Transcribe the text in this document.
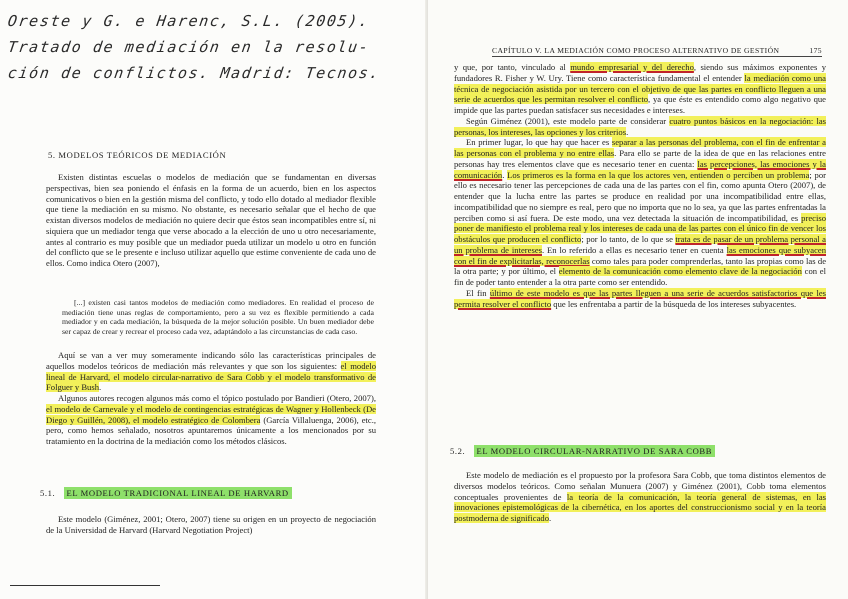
Oreste y G. e Harenc, S.L. (2005).
Tratado de mediación en la resolu-
ción de conflictos. Madrid: Tecnos.
5. MODELOS TEÓRICOS DE MEDIACIÓN

Existen distintas escuelas o modelos de mediación que se fundamentan en diversas perspectivas, bien sea poniendo el énfasis en la forma de un acuerdo, bien en los aspectos comunicativos o bien en la gestión misma del conflicto, y todo ello dotado al mediador flexible que tiene la mediación en su mismo. No obstante, es necesario señalar que el hecho de que existan diversos modelos de mediación no quiere decir que éstos sean incompatibles entre sí, ni siquiera que un mediador tenga que verse abocado a la elección de uno u otro necesariamente, antes al contrario es muy posible que un mediador pueda utilizar un modelo u otro en función del conflicto que se le presente e incluso utilizar aquello que estime conveniente de cada uno de ellos. Como indica Otero (2007),

[...] existen casi tantos modelos de mediación como mediadores. En realidad el proceso de mediación tiene unas reglas de comportamiento, pero a su vez es flexible permitiendo a cada mediador y en cada mediación, la búsqueda de la mejor solución posible. Un buen mediador debe ser capaz de crear y recrear el proceso cada vez, adaptándolo a las circunstancias de cada caso.

Aquí se van a ver muy someramente indicando sólo las características principales de aquellos modelos teóricos de mediación más relevantes y que son los siguientes: el modelo lineal de Harvard, el modelo circular-narrativo de Sara Cobb y el modelo transformativo de Folguer y Bush.

Algunos autores recogen algunos más como el tópico postulado por Bandieri (Otero, 2007), el modelo de Carnevale y el modelo de contingencias estratégicas de Wagner y Hollenbeck (De Diego y Guillén, 2008), el modelo estratégico de Colombera (García Villaluenga, 2006), etc., pero, como hemos señalado, nosotros apuntaremos únicamente a los mencionados por su tratamiento en la doctrina de la mediación como los métodos clásicos.

5.1. EL MODELO TRADICIONAL LINEAL DE HARVARD

Este modelo (Giménez, 2001; Otero, 2007) tiene su origen en un proyecto de negociación de la Universidad de Harvard (Harvard Negotiation Project)

CAPÍTULO V. LA MEDIACIÓN COMO PROCESO ALTERNATIVO DE GESTIÓN	175

y que, por tanto, vinculado al mundo empresarial y del derecho, siendo sus máximos exponentes y fundadores R. Fisher y W. Ury. Tiene como característica fundamental el entender la mediación como una técnica de negociación asistida por un tercero con el objetivo de que las partes en conflicto lleguen a una serie de acuerdos que les permitan resolver el conflicto, ya que éste es entendido como algo negativo que impide que las partes puedan satisfacer sus necesidades e intereses.

Según Giménez (2001), este modelo parte de considerar cuatro puntos básicos en la negociación: las personas, los intereses, las opciones y los criterios.

En primer lugar, lo que hay que hacer es separar a las personas del problema, con el fin de enfrentar a las personas con el problema y no entre ellas. Para ello se parte de la idea de que en las relaciones entre personas hay tres elementos clave que es necesario tener en cuenta: las percepciones, las emociones y la comunicación. Los primeros es la forma en la que los actores ven, entienden o perciben un problema; por ello es necesario tener las percepciones de cada una de las partes con el fin, como apunta Otero (2007), de entender que la lucha entre las partes se produce en realidad por una incompatibilidad entre ellas, incompatibilidad que no siempre es real, pero que no importa que no lo sea, ya que las partes enfrentadas la perciben como si así fuera. De este modo, una vez detectada la situación de incompatibilidad, es preciso poner de manifiesto el problema real y los intereses de cada una de las partes con el único fin de vencer los obstáculos que producen el conflicto; por lo tanto, de lo que se trata es de pasar de un problema personal a un problema de intereses. En lo referido a ellas es necesario tener en cuenta las emociones que subyacen con el fin de explicitarlas, reconocerlas como tales para poder comprenderlas, tanto las propias como las de la otra parte; y por último, el elemento de la comunicación como elemento clave de la negociación con el fin de poder tanto entender a la otra parte como ser entendido.

El fin último de este modelo es que las partes lleguen a una serie de acuerdos satisfactorios que les permita resolver el conflicto que les enfrentaba a partir de la búsqueda de los intereses subyacentes.

5.2. EL MODELO CIRCULAR-NARRATIVO DE SARA COBB

Este modelo de mediación es el propuesto por la profesora Sara Cobb, que toma distintos elementos de diversos modelos teóricos. Como señalan Munuera (2007) y Giménez (2001), Cobb toma elementos conceptuales provenientes de la teoría de la comunicación, la teoría general de sistemas, en las innovaciones epistemológicas de la cibernética, en los aportes del construccionismo social y en la teoría postmoderna de significado.
